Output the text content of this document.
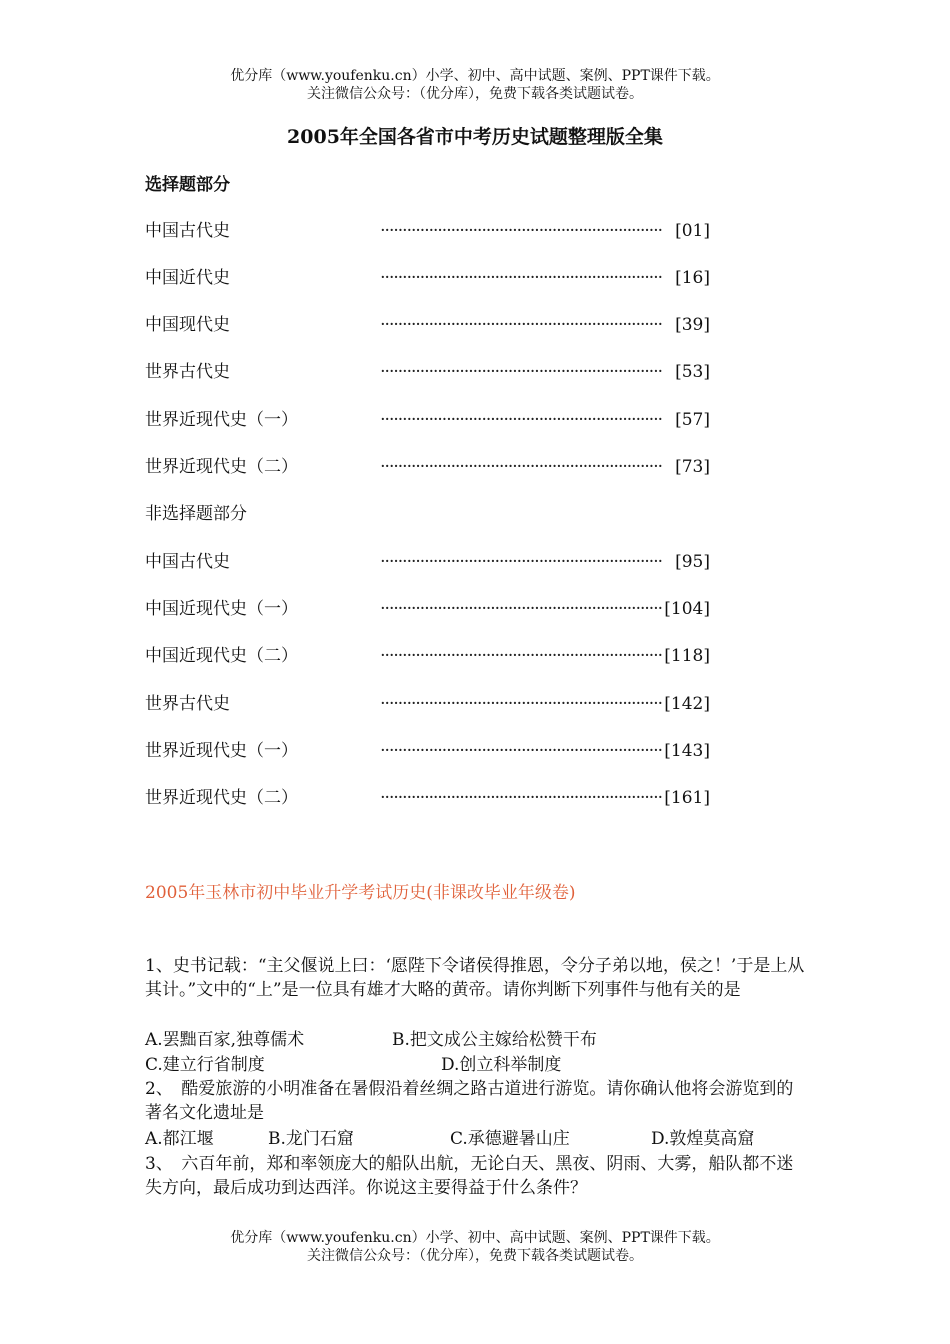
优分库（www.youfenku.cn）小学、初中、高中试题、案例、PPT课件下载。
关注微信公众号：（优分库），免费下载各类试题试卷。
2005年全国各省市中考历史试题整理版全集
选择题部分
中国古代史	································································ [01]
中国近代史	································································ [16]
中国现代史	································································ [39]
世界古代史	································································ [53]
世界近现代史（一）	································································ [57]
世界近现代史（二）	································································ [73]
非选择题部分
中国古代史	································································ [95]
中国近现代史（一）	································································ [104]
中国近现代史（二）	································································ [118]
世界古代史	································································ [142]
世界近现代史（一）	································································ [143]
世界近现代史（二）	································································ [161]
2005年玉林市初中毕业升学考试历史(非课改毕业年级卷)
1、史书记载：“主父偃说上曰：‘愿陛下令诸侯得推恩，令分子弟以地，侯之！’于是上从其计。”文中的“上”是一位具有雄才大略的黄帝。请你判断下列事件与他有关的是
A.罢黜百家,独尊儒术	B.把文成公主嫁给松赞干布
C.建立行省制度	D.创立科举制度
2、　酷爱旅游的小明准备在暑假沿着丝绸之路古道进行游览。请你确认他将会游览到的著名文化遗址是
A.都江堰	B.龙门石窟	C.承德避暑山庄	D.敦煌莫高窟
3、　六百年前，郑和率领庞大的船队出航，无论白天、黑夜、阴雨、大雾，船队都不迷失方向，最后成功到达西洋。你说这主要得益于什么条件？
优分库（www.youfenku.cn）小学、初中、高中试题、案例、PPT课件下载。
关注微信公众号：（优分库），免费下载各类试题试卷。
